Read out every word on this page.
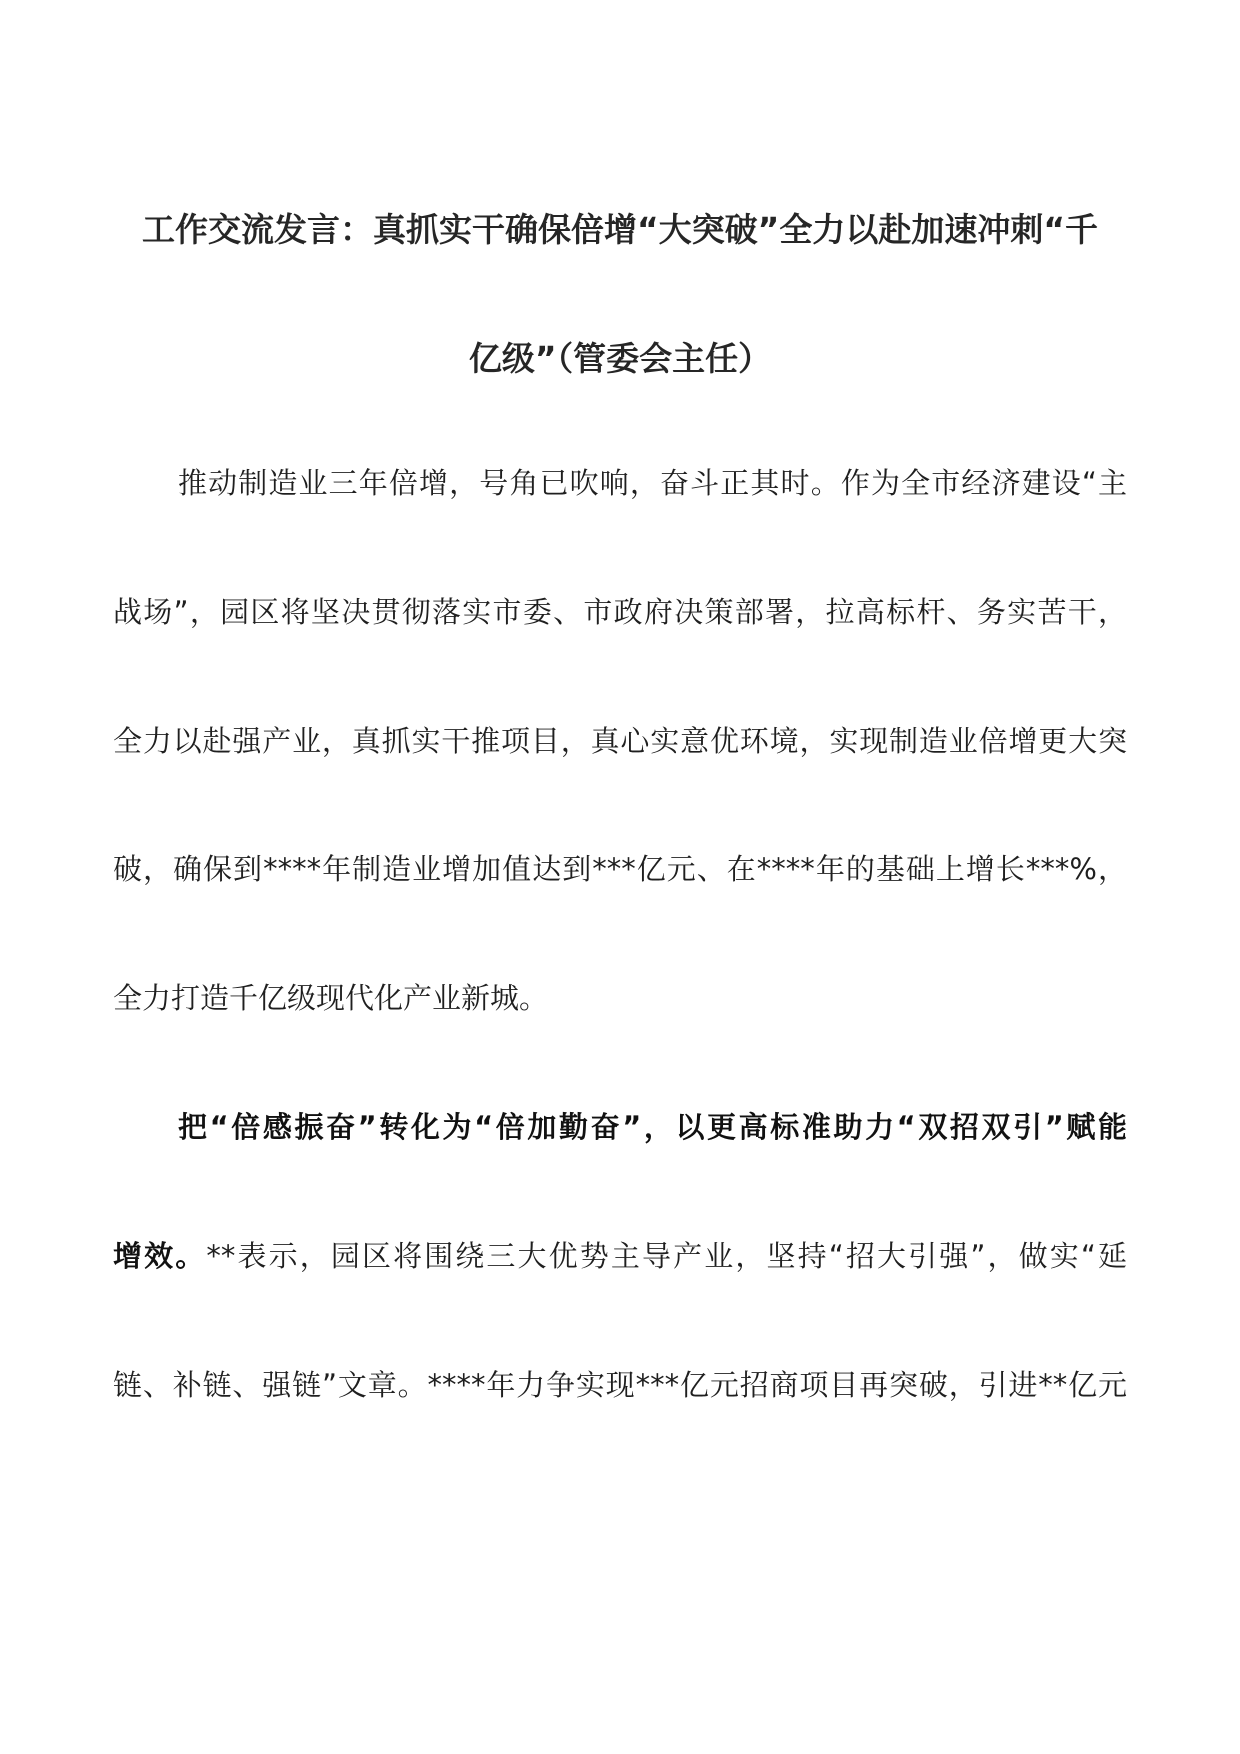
工作交流发言：真抓实干确保倍增“大突破”全力以赴加速冲刺“千
亿级”（管委会主任）
推动制造业三年倍增，号角已吹响，奋斗正其时。作为全市经济建设“主
战场”，园区将坚决贯彻落实市委、市政府决策部署，拉高标杆、务实苦干，
全力以赴强产业，真抓实干推项目，真心实意优环境，实现制造业倍增更大突
破，确保到****年制造业增加值达到***亿元、在****年的基础上增长***%，
全力打造千亿级现代化产业新城。
把“倍感振奋”转化为“倍加勤奋”，以更高标准助力“双招双引”赋能
增效。**表示，园区将围绕三大优势主导产业，坚持“招大引强”，做实“延
链、补链、强链”文章。****年力争实现***亿元招商项目再突破，引进**亿元
